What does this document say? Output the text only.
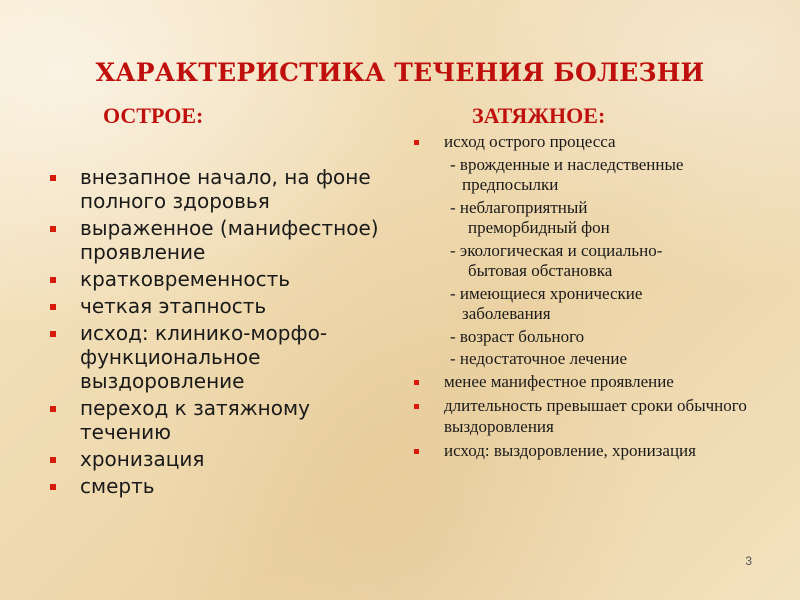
ХАРАКТЕРИСТИКА ТЕЧЕНИЯ БОЛЕЗНИ
ОСТРОЕ:	ЗАТЯЖНОЕ:
внезапное начало, на фоне полного здоровья
выраженное (манифестное) проявление
кратковременность
четкая этапность
исход: клинико-морфо-функциональное выздоровление
переход к затяжному течению
хронизация
смерть
исход острого процесса
- врожденные и наследственные
предпосылки
- неблагоприятный
преморбидный фон
- экологическая и социально-
бытовая обстановка
- имеющиеся хронические
заболевания
- возраст больного
- недостаточное лечение
менее манифестное проявление
длительность превышает сроки обычного выздоровления
исход: выздоровление, хронизация
3
